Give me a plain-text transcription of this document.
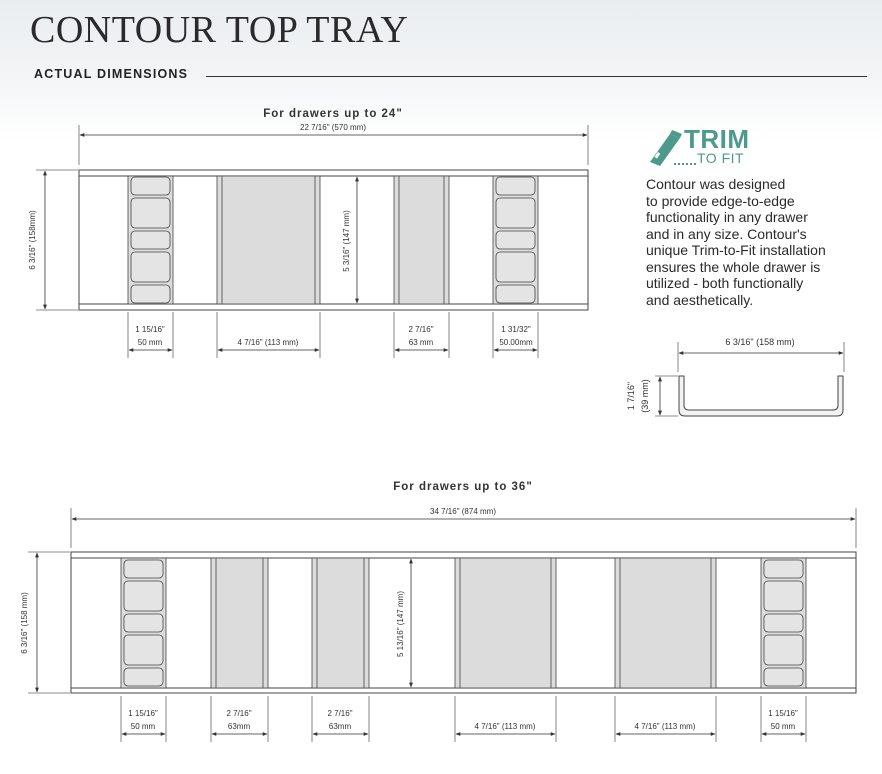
CONTOUR TOP TRAY
ACTUAL DIMENSIONS
TRIM
TO FIT
Contour was designed
to provide edge-to-edge
functionality in any drawer
and in any size. Contour's
unique Trim-to-Fit installation
ensures the whole drawer is
utilized - both functionally
and aesthetically.
For drawers up to 24"
22 7/16" (570 mm)
6 3/16" (158mm)	5 3/16" (147 mm)
1 15/16"
50 mm	4 7/16" (113 mm)
2 7/16"
63 mm
1 31/32"
50.00mm	6 3/16" (158 mm)
1 7/16" (39 mm)
For drawers up to 36"
34 7/16" (874 mm)
6 3/16" (158 mm)	5 13/16" (147 mm)
1 15/16"
50 mm
2 7/16"
63mm
2 7/16"
63mm	4 7/16" (113 mm)	4 7/16" (113 mm)
1 15/16"
50 mm
